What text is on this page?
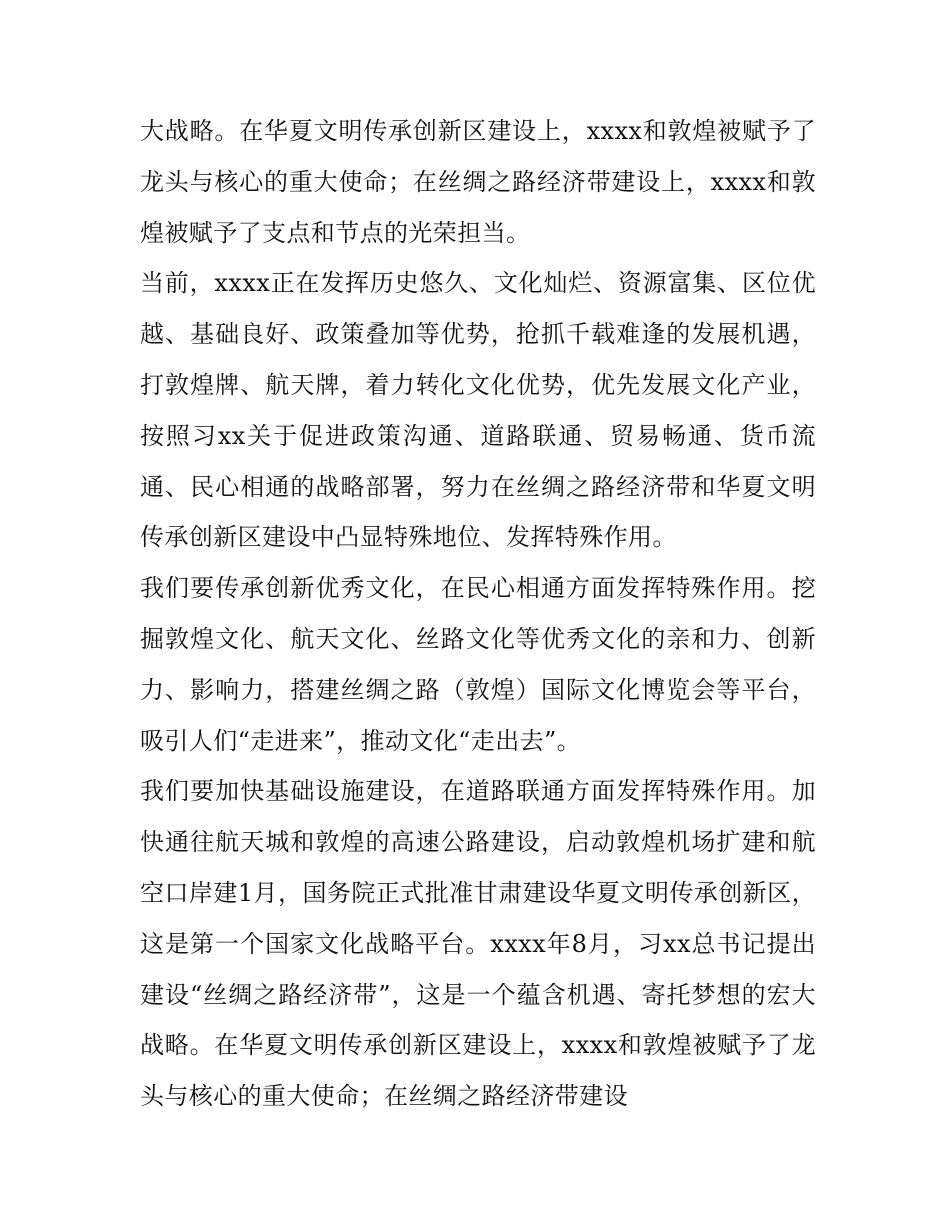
大战略。在华夏文明传承创新区建设上，xxxx和敦煌被赋予了龙头与核心的重大使命；在丝绸之路经济带建设上，xxxx和敦煌被赋予了支点和节点的光荣担当。

当前，xxxx正在发挥历史悠久、文化灿烂、资源富集、区位优越、基础良好、政策叠加等优势，抢抓千载难逢的发展机遇，打敦煌牌、航天牌，着力转化文化优势，优先发展文化产业，按照习xx关于促进政策沟通、道路联通、贸易畅通、货币流通、民心相通的战略部署，努力在丝绸之路经济带和华夏文明传承创新区建设中凸显特殊地位、发挥特殊作用。

我们要传承创新优秀文化，在民心相通方面发挥特殊作用。挖掘敦煌文化、航天文化、丝路文化等优秀文化的亲和力、创新力、影响力，搭建丝绸之路（敦煌）国际文化博览会等平台，吸引人们“走进来”，推动文化“走出去”。

我们要加快基础设施建设，在道路联通方面发挥特殊作用。加快通往航天城和敦煌的高速公路建设，启动敦煌机场扩建和航空口岸建1月，国务院正式批准甘肃建设华夏文明传承创新区，这是第一个国家文化战略平台。xxxx年8月，习xx总书记提出建设“丝绸之路经济带”，这是一个蕴含机遇、寄托梦想的宏大战略。在华夏文明传承创新区建设上，xxxx和敦煌被赋予了龙头与核心的重大使命；在丝绸之路经济带建设
